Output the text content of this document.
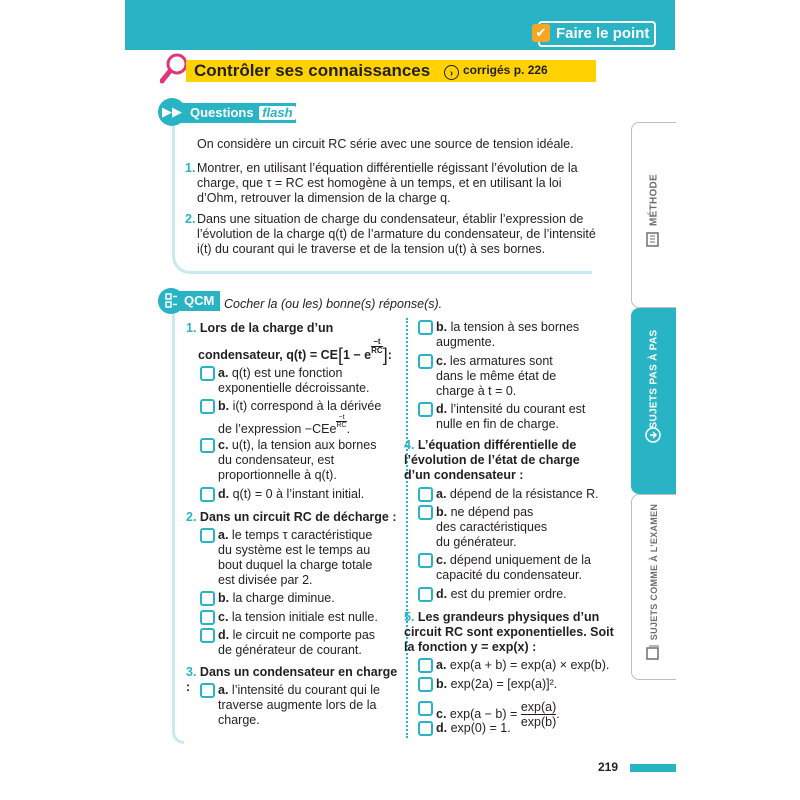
✔ Faire le point
Contrôler ses connaissances	› corrigés p. 226
Questions flash
▶▶
On considère un circuit RC série avec une source de tension idéale.
1. Montrer, en utilisant l’équation différentielle régissant l’évolution de la charge, que τ = RC est homogène à un temps, et en utilisant la loi d’Ohm, retrouver la dimension de la charge q.
2. Dans une situation de charge du condensateur, établir l’expression de l’évolution de la charge q(t) de l’armature du condensateur, de l’intensité i(t) du courant qui le traverse et de la tension u(t) à ses bornes.
QCM Cocher la (ou les) bonne(s) réponse(s).
1. Lors de la charge d’un
condensateur, q(t) = CE[1 − e $\frac{-t}{RC}$ ]:
a. q(t) est une fonction exponentielle décroissante.
b. i(t) correspond à la dérivée
de l’expression $-CEe \frac{-t}{RC}$ .
c. u(t), la tension aux bornes du condensateur, est proportionnelle à q(t).
d. q(t) = 0 à l’instant initial.
2. Dans un circuit RC de décharge :
a. le temps τ caractéristique du système est le temps au bout duquel la charge totale est divisée par 2.
b. la charge diminue.
c. la tension initiale est nulle.
d. le circuit ne comporte pas de générateur de courant.
3. Dans un condensateur en charge :	a. l’intensité du courant qui le traverse augmente lors de la charge.
b. la tension à ses bornes augmente.
c. les armatures sont dans le même état de charge à t = 0.
d. l’intensité du courant est nulle en fin de charge.
4. L’équation différentielle de l’évolution de l’état de charge d’un condensateur :
a. dépend de la résistance R.
b. ne dépend pas des caractéristiques du générateur.
c. dépend uniquement de la capacité du condensateur.
d. est du premier ordre.
5. Les grandeurs physiques d’un circuit RC sont exponentielles. Soit la fonction y = exp(x) :
a. exp(a + b) = exp(a) × exp(b).
b. exp(2a) = [exp(a)]².
c. $\exp(a - b) = \frac{\exp(a)}{\exp(b)}$ .
d. exp(0) = 1.
MÉTHODE
SUJETS PAS À PAS
SUJETS COMME À L’EXAMEN
219
